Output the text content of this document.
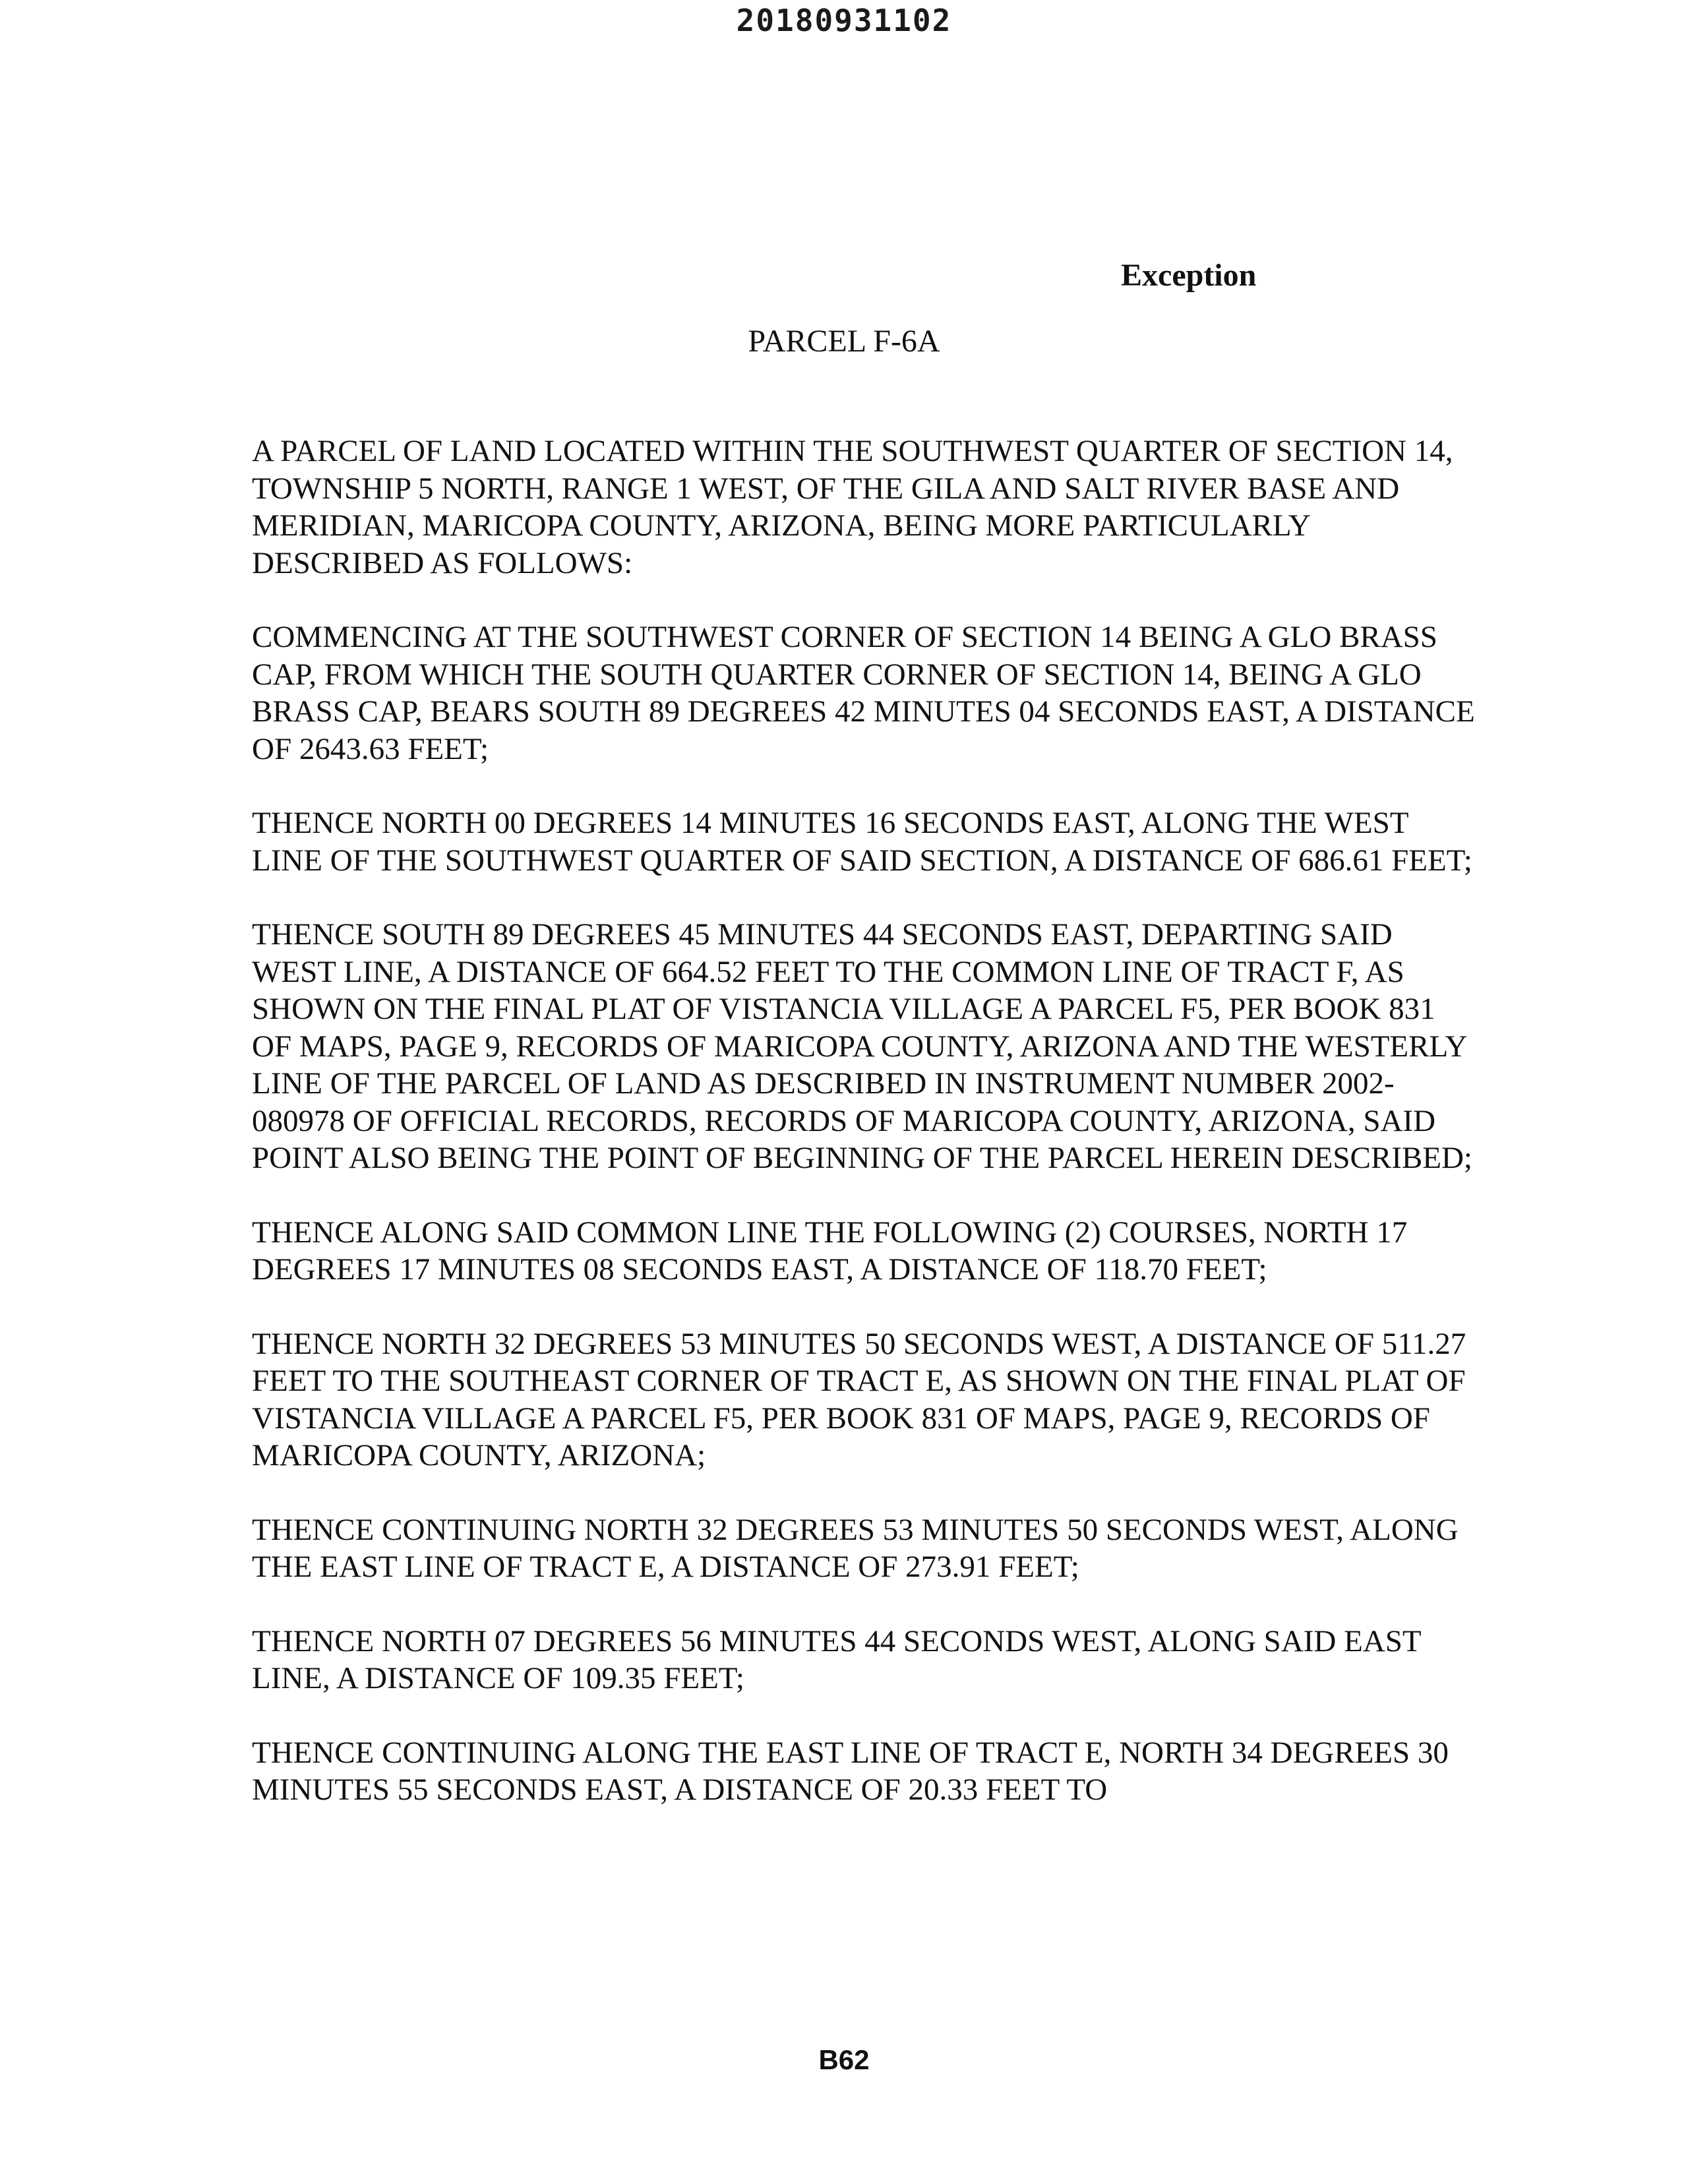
20180931102
Exception
PARCEL F-6A

A PARCEL OF LAND LOCATED WITHIN THE SOUTHWEST QUARTER OF SECTION 14, TOWNSHIP 5 NORTH, RANGE 1 WEST, OF THE GILA AND SALT RIVER BASE AND MERIDIAN, MARICOPA COUNTY, ARIZONA, BEING MORE PARTICULARLY DESCRIBED AS FOLLOWS:

COMMENCING AT THE SOUTHWEST CORNER OF SECTION 14 BEING A GLO BRASS CAP, FROM WHICH THE SOUTH QUARTER CORNER OF SECTION 14, BEING A GLO BRASS CAP, BEARS SOUTH 89 DEGREES 42 MINUTES 04 SECONDS EAST, A DISTANCE OF 2643.63 FEET;

THENCE NORTH 00 DEGREES 14 MINUTES 16 SECONDS EAST, ALONG THE WEST LINE OF THE SOUTHWEST QUARTER OF SAID SECTION, A DISTANCE OF 686.61 FEET;

THENCE SOUTH 89 DEGREES 45 MINUTES 44 SECONDS EAST, DEPARTING SAID WEST LINE, A DISTANCE OF 664.52 FEET TO THE COMMON LINE OF TRACT F, AS SHOWN ON THE FINAL PLAT OF VISTANCIA VILLAGE A PARCEL F5, PER BOOK 831 OF MAPS, PAGE 9, RECORDS OF MARICOPA COUNTY, ARIZONA AND THE WESTERLY LINE OF THE PARCEL OF LAND AS DESCRIBED IN INSTRUMENT NUMBER 2002-080978 OF OFFICIAL RECORDS, RECORDS OF MARICOPA COUNTY, ARIZONA, SAID POINT ALSO BEING THE POINT OF BEGINNING OF THE PARCEL HEREIN DESCRIBED;

THENCE ALONG SAID COMMON LINE THE FOLLOWING (2) COURSES, NORTH 17 DEGREES 17 MINUTES 08 SECONDS EAST, A DISTANCE OF 118.70 FEET;

THENCE NORTH 32 DEGREES 53 MINUTES 50 SECONDS WEST, A DISTANCE OF 511.27 FEET TO THE SOUTHEAST CORNER OF TRACT E, AS SHOWN ON THE FINAL PLAT OF VISTANCIA VILLAGE A PARCEL F5, PER BOOK 831 OF MAPS, PAGE 9, RECORDS OF MARICOPA COUNTY, ARIZONA;

THENCE CONTINUING NORTH 32 DEGREES 53 MINUTES 50 SECONDS WEST, ALONG THE EAST LINE OF TRACT E, A DISTANCE OF 273.91 FEET;

THENCE NORTH 07 DEGREES 56 MINUTES 44 SECONDS WEST, ALONG SAID EAST LINE, A DISTANCE OF 109.35 FEET;

THENCE CONTINUING ALONG THE EAST LINE OF TRACT E, NORTH 34 DEGREES 30 MINUTES 55 SECONDS EAST, A DISTANCE OF 20.33 FEET TO

B62
